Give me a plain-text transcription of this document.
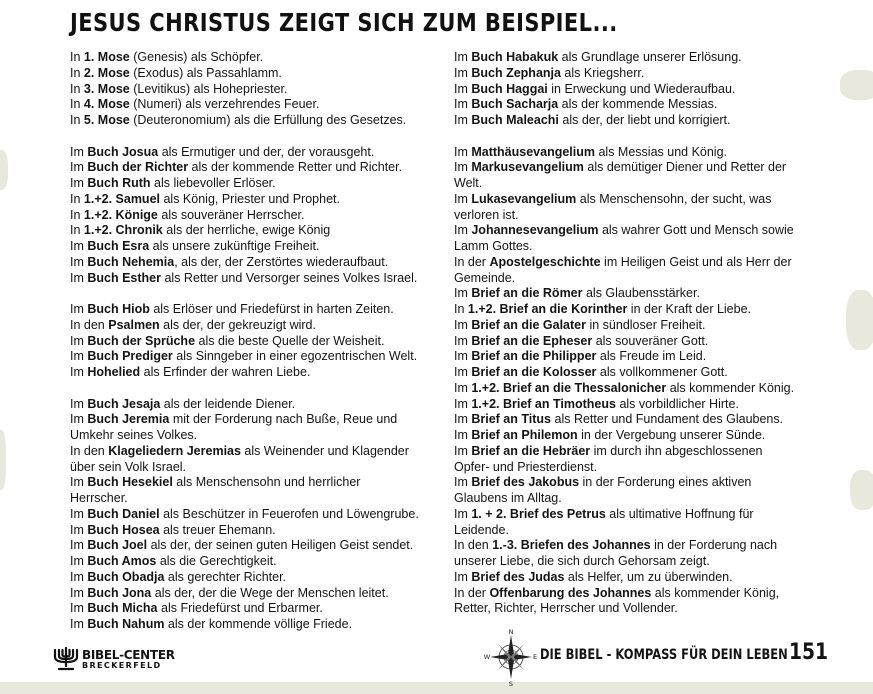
JESUS CHRISTUS ZEIGT SICH ZUM BEISPIEL...
In 1. Mose (Genesis) als Schöpfer.
In 2. Mose (Exodus) als Passahlamm.
In 3. Mose (Levitikus) als Hohepriester.
In 4. Mose (Numeri) als verzehrendes Feuer.
In 5. Mose (Deuteronomium) als die Erfüllung des Gesetzes.
Im Buch Josua als Ermutiger und der, der vorausgeht.
Im Buch der Richter als der kommende Retter und Richter.
Im Buch Ruth als liebevoller Erlöser.
In 1.+2. Samuel als König, Priester und Prophet.
In 1.+2. Könige als souveräner Herrscher.
In 1.+2. Chronik als der herrliche, ewige König
Im Buch Esra als unsere zukünftige Freiheit.
Im Buch Nehemia, als der, der Zerstörtes wiederaufbaut.
Im Buch Esther als Retter und Versorger seines Volkes Israel.
Im Buch Hiob als Erlöser und Friedefürst in harten Zeiten.
In den Psalmen als der, der gekreuzigt wird.
Im Buch der Sprüche als die beste Quelle der Weisheit.
Im Buch Prediger als Sinngeber in einer egozentrischen Welt.
Im Hohelied als Erfinder der wahren Liebe.
Im Buch Jesaja als der leidende Diener.
Im Buch Jeremia mit der Forderung nach Buße, Reue und
Umkehr seines Volkes.
In den Klageliedern Jeremias als Weinender und Klagender
über sein Volk Israel.
Im Buch Hesekiel als Menschensohn und herrlicher
Herrscher.
Im Buch Daniel als Beschützer in Feuerofen und Löwengrube.
Im Buch Hosea als treuer Ehemann.
Im Buch Joel als der, der seinen guten Heiligen Geist sendet.
Im Buch Amos als die Gerechtigkeit.
Im Buch Obadja als gerechter Richter.
Im Buch Jona als der, der die Wege der Menschen leitet.
Im Buch Micha als Friedefürst und Erbarmer.
Im Buch Nahum als der kommende völlige Friede.
Im Buch Habakuk als Grundlage unserer Erlösung.
Im Buch Zephanja als Kriegsherr.
Im Buch Haggai in Erweckung und Wiederaufbau.
Im Buch Sacharja als der kommende Messias.
Im Buch Maleachi als der, der liebt und korrigiert.
Im Matthäusevangelium als Messias und König.
Im Markusevangelium als demütiger Diener und Retter der
Welt.
Im Lukasevangelium als Menschensohn, der sucht, was
verloren ist.
Im Johannesevangelium als wahrer Gott und Mensch sowie
Lamm Gottes.
In der Apostelgeschichte im Heiligen Geist und als Herr der
Gemeinde.
Im Brief an die Römer als Glaubensstärker.
In 1.+2. Brief an die Korinther in der Kraft der Liebe.
Im Brief an die Galater in sündloser Freiheit.
Im Brief an die Epheser als souveräner Gott.
Im Brief an die Philipper als Freude im Leid.
Im Brief an die Kolosser als vollkommener Gott.
Im 1.+2. Brief an die Thessalonicher als kommender König.
Im 1.+2. Brief an Timotheus als vorbildlicher Hirte.
Im Brief an Titus als Retter und Fundament des Glaubens.
Im Brief an Philemon in der Vergebung unserer Sünde.
Im Brief an die Hebräer im durch ihn abgeschlossenen
Opfer- und Priesterdienst.
Im Brief des Jakobus in der Forderung eines aktiven
Glaubens im Alltag.
Im 1. + 2. Brief des Petrus als ultimative Hoffnung für
Leidende.
In den 1.-3. Briefen des Johannes in der Forderung nach
unserer Liebe, die sich durch Gehorsam zeigt.
Im Brief des Judas als Helfer, um zu überwinden.
In der Offenbarung des Johannes als kommender König,
Retter, Richter, Herrscher und Vollender.
BIBEL-CENTER
BRECKERFELD
N
S
W	E DIE BIBEL - KOMPASS FÜR DEIN LEBEN 151
